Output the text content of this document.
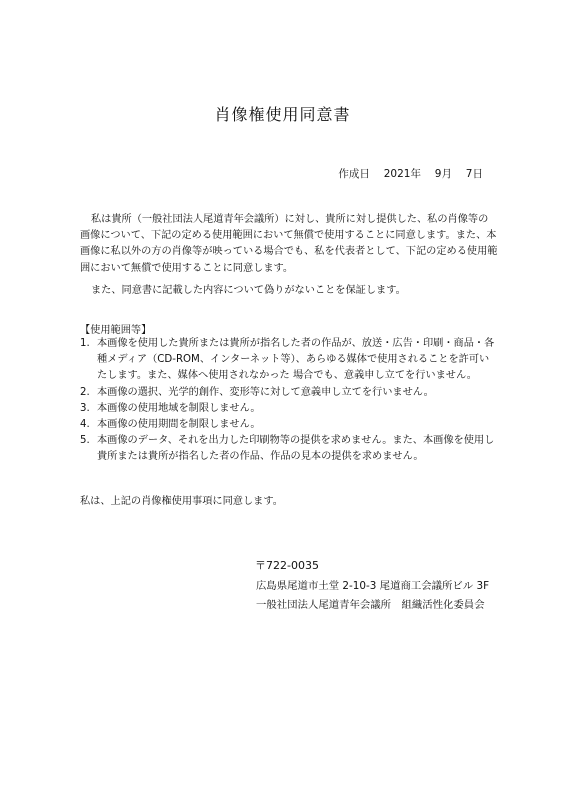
肖像権使用同意書
作成日　 2021年　 9月　 7日
私は貴所（一般社団法人尾道青年会議所）に対し、貴所に対し提供した、私の肖像等の画像について、下記の定める使用範囲において無償で使用することに同意します。また、本画像に私以外の方の肖像等が映っている場合でも、私を代表者として、下記の定める使用範囲において無償で使用することに同意します。
また、同意書に記載した内容について偽りがないことを保証します。
【使用範囲等】
1. 本画像を使用した貴所または貴所が指名した者の作品が、放送・広告・印刷・商品・各種メディア（CD-ROM、インターネット等）、あらゆる媒体で使用されることを許可いたします。また、媒体へ使用されなかった 場合でも、意義申し立てを行いません。
2. 本画像の選択、光学的創作、変形等に対して意義申し立てを行いません。
3. 本画像の使用地域を制限しません。
4. 本画像の使用期間を制限しません。
5. 本画像のデータ、それを出力した印刷物等の提供を求めません。また、本画像を使用し貴所または貴所が指名した者の作品、作品の見本の提供を求めません。
私は、上記の肖像権使用事項に同意します。
〒722-0035
広島県尾道市土堂 2-10-3 尾道商工会議所ビル 3F
一般社団法人尾道青年会議所　組織活性化委員会
